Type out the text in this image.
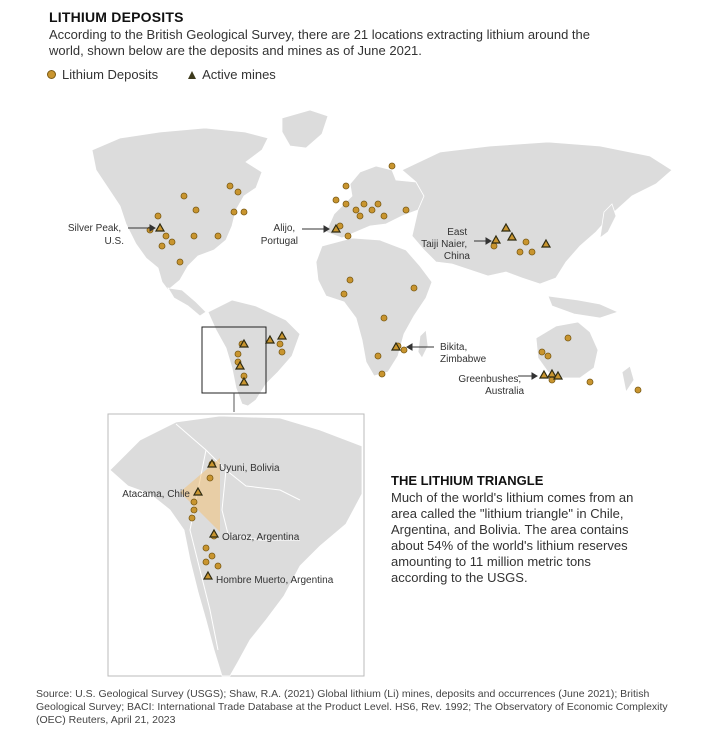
LITHIUM DEPOSITS
According to the British Geological Survey, there are 21 locations extracting lithium around the world, shown below are the deposits and mines as of June 2021.
Lithium Deposits	Active mines
Silver Peak, U.S.
Alijo, Portugal
East Taiji Naier, China
Bikita, Zimbabwe
Greenbushes, Australia
Uyuni, Bolivia
Atacama, Chile
Olaroz, Argentina
Hombre Muerto, Argentina
THE LITHIUM TRIANGLE
Much of the world's lithium comes from an area called the "lithium triangle" in Chile, Argentina, and Bolivia. The area contains about 54% of the world's lithium reserves amounting to 11 million metric tons according to the USGS.
Source: U.S. Geological Survey (USGS); Shaw, R.A. (2021) Global lithium (Li) mines, deposits and occurrences (June 2021); British Geological Survey; BACI: International Trade Database at the Product Level. HS6, Rev. 1992; The Observatory of Economic Complexity (OEC) Reuters, April 21, 2023
